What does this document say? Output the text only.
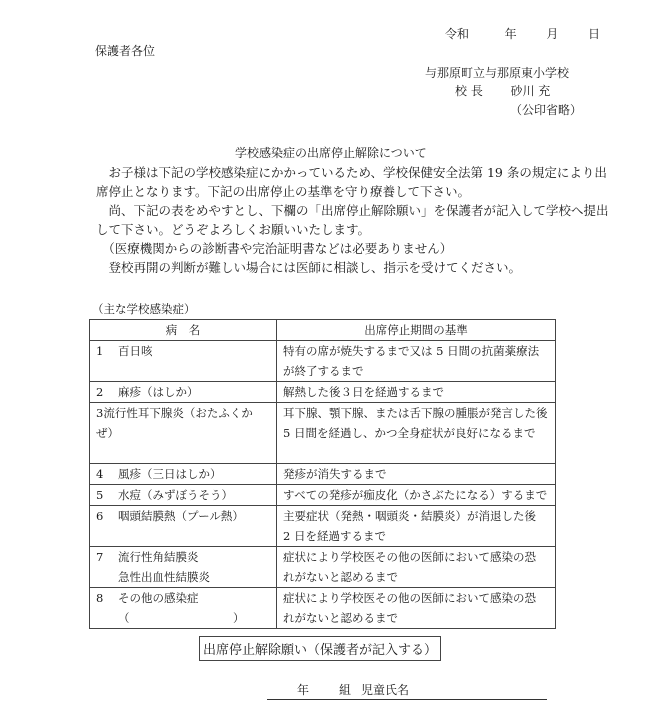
令和	年 月 日
保護者各位
与那原町立与那原東小学校
校 長 砂川 充
（公印省略）
学校感染症の出席停止解除について
　お子様は下記の学校感染症にかかっているため、学校保健安全法第 19 条の規定により出
席停止となります。下記の出席停止の基準を守り療養して下さい。
　尚、下記の表をめやすとし、下欄の「出席停止解除願い」を保護者が記入して学校へ提出
して下さい。どうぞよろしくお願いいたします。
　（医療機関からの診断書や完治証明書などは必要ありません）
　登校再開の判断が難しい場合には医師に相談し、指示を受けてください。
（主な学校感染症）
病　名	出席停止期間の基準
1 百日咳	特有の席が焼失するまで又は 5 日間の抗菌薬療法
が終了するまで

2 麻疹（はしか）	解熱した後３日を経過するまで

3流行性耳下腺炎（おたふくかぜ）	耳下腺、顎下腺、または舌下腺の腫脹が発言した後
5 日間を経過し、かつ全身症状が良好になるまで

4 風疹（三日はしか）	発疹が消失するまで

5 水痘（みずぼうそう）	すべての発疹が痂皮化（かさぶたになる）するまで

6 咽頭結膜熱（プール熱）	主要症状（発熱・咽頭炎・結膜炎）が消退した後
2 日を経過するまで

7 流行性角結膜炎
急性出血性結膜炎	症状により学校医その他の医師において感染の恐
れがないと認めるまで

8 その他の感染症
（　　　　　　　　　）	症状により学校医その他の医師において感染の恐
れがないと認めるまで
出席停止解除願い（保護者が記入する）
年	組 児童氏名
